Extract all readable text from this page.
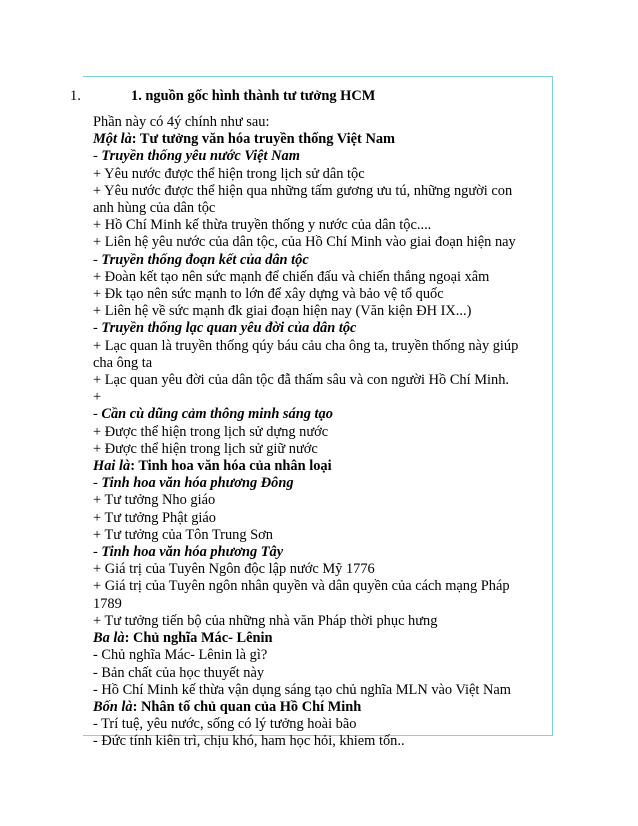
1.	1. nguồn gốc hình thành tư tưởng HCM
Phần này có 4ý chính như sau:
Một là: Tư tưởng văn hóa truyền thống Việt Nam
- Truyền thống yêu nước Việt Nam
+ Yêu nước được thể hiện trong lịch sử dân tộc
+ Yêu nước được thể hiện qua những tấm gương ưu tú, những người con
anh hùng của dân tộc
+ Hồ Chí Minh kế thừa truyền thống y nước của dân tộc....
+ Liên hệ yêu nước của dân tộc, của Hồ Chí Minh vào giai đoạn hiện nay
- Truyền thống đoạn kết của dân tộc
+ Đoàn kết tạo nên sức mạnh để chiến đấu và chiến thắng ngoại xâm
+ Đk tạo nên sức mạnh to lớn để xây dựng và bảo vệ tổ quốc
+ Liên hệ về sức mạnh đk giai đoạn hiện nay (Văn kiện ĐH IX...)
- Truyền thống lạc quan yêu đời của dân tộc
+ Lạc quan là truyền thống qúy báu cảu cha ông ta, truyền thống này giúp
cha ông ta
+ Lạc quan yêu đời của dân tộc đẫ thấm sâu và con người Hồ Chí Minh.
+
- Cần cù dũng cảm thông minh sáng tạo
+ Được thể hiện trong lịch sử dựng nước
+ Được thể hiện trong lịch sử giữ nước
Hai là: Tinh hoa văn hóa của nhân loại
- Tinh hoa văn hóa phương Đông
+ Tư tưởng Nho giáo
+ Tư tưởng Phật giáo
+ Tư tưởng của Tôn Trung Sơn
- Tinh hoa văn hóa phương Tây
+ Giá trị của Tuyên Ngôn độc lập nước Mỹ 1776
+ Giá trị của Tuyên ngôn nhân quyền và dân quyền của cách mạng Pháp
1789
+ Tư tưởng tiến bộ của những nhà văn Pháp thời phục hưng
Ba là: Chủ nghĩa Mác- Lênin
- Chủ nghĩa Mác- Lênin là gì?
- Bản chất của học thuyết này
- Hồ Chí Minh kế thừa vận dụng sáng tạo chủ nghĩa MLN vào Việt Nam
Bốn là: Nhân tố chủ quan của Hồ Chí Minh
- Trí tuệ, yêu nước, sống có lý tưởng hoài bão
- Đức tính kiên trì, chịu khó, ham học hỏi, khiem tốn..
